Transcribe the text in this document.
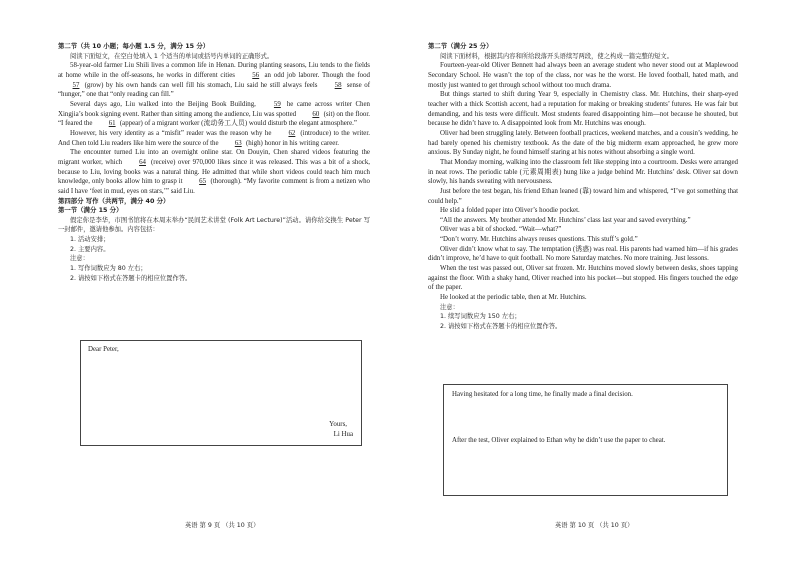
第二节（共 10 小题；每小题 1.5 分，满分 15 分）

阅读下面短文，在空白处填入 1 个适当的单词或括号内单词的正确形式。

58-year-old farmer Liu Shili lives a common life in Henan. During planting seasons, Liu tends to the fields at home while in the off-seasons, he works in different cities 56 an odd job laborer. Though the food 57 (grow) by his own hands can well fill his stomach, Liu said he still always feels 58 sense of “hunger,” one that “only reading can fill.”

Several days ago, Liu walked into the Beijing Book Building, 59 he came across writer Chen Xingjia’s book signing event. Rather than sitting among the audience, Liu was spotted 60 (sit) on the floor. “I feared the 61 (appear) of a migrant worker (流动务工人员) would disturb the elegant atmosphere.”

However, his very identity as a “misfit” reader was the reason why he 62 (introduce) to the writer. And Chen told Liu readers like him were the source of the 63 (high) honor in his writing career.

The encounter turned Liu into an overnight online star. On Douyin, Chen shared videos featuring the migrant worker, which 64 (receive) over 970,000 likes since it was released. This was a bit of a shock, because to Liu, loving books was a natural thing. He admitted that while short videos could teach him much knowledge, only books allow him to grasp it 65 (thorough). “My favorite comment is from a netizen who said I have ‘feet in mud, eyes on stars,’” said Liu.

第四部分 写作（共两节，满分 40 分）

第一节（满分 15 分）

假定你是李华，市图书馆将在本周末举办“民间艺术讲堂 (Folk Art Lecture)”活动。请你给交换生 Peter 写一封邮件，邀请他参加。内容包括：

1. 活动安排；

2. 主要内容。

注意：

1. 写作词数应为 80 左右；

2. 请按如下格式在答题卡的相应位置作答。

Dear Peter,
Yours,
Li Hua
英语 第 9 页 （共 10 页）

第二节（满分 25 分）

阅读下面材料，根据其内容和所给段落开头语续写两段，使之构成一篇完整的短文。

Fourteen-year-old Oliver Bennett had always been an average student who never stood out at Maplewood Secondary School. He wasn’t the top of the class, nor was he the worst. He loved football, hated math, and mostly just wanted to get through school without too much drama.

But things started to shift during Year 9, especially in Chemistry class. Mr. Hutchins, their sharp-eyed teacher with a thick Scottish accent, had a reputation for making or breaking students’ futures. He was fair but demanding, and his tests were difficult. Most students feared disappointing him—not because he shouted, but because he didn’t have to. A disappointed look from Mr. Hutchins was enough.

Oliver had been struggling lately. Between football practices, weekend matches, and a cousin’s wedding, he had barely opened his chemistry textbook. As the date of the big midterm exam approached, he grew more anxious. By Sunday night, he found himself staring at his notes without absorbing a single word.

That Monday morning, walking into the classroom felt like stepping into a courtroom. Desks were arranged in neat rows. The periodic table (元素周期表) hung like a judge behind Mr. Hutchins’ desk. Oliver sat down slowly, his hands sweating with nervousness.

Just before the test began, his friend Ethan leaned (靠) toward him and whispered, “I’ve got something that could help.”

He slid a folded paper into Oliver’s hoodie pocket.

“All the answers. My brother attended Mr. Hutchins’ class last year and saved everything.”

Oliver was a bit of shocked. “Wait—what?”

“Don’t worry. Mr. Hutchins always reuses questions. This stuff’s gold.”

Oliver didn’t know what to say. The temptation (诱惑) was real. His parents had warned him—if his grades didn’t improve, he’d have to quit football. No more Saturday matches. No more training. Just lessons.

When the test was passed out, Oliver sat frozen. Mr. Hutchins moved slowly between desks, shoes tapping against the floor. With a shaky hand, Oliver reached into his pocket—but stopped. His fingers touched the edge of the paper.

He looked at the periodic table, then at Mr. Hutchins.

注意：

1. 续写词数应为 150 左右；

2. 请按如下格式在答题卡的相应位置作答。

Having hesitated for a long time, he finally made a final decision.
After the test, Oliver explained to Ethan why he didn’t use the paper to cheat.
英语 第 10 页 （共 10 页）
